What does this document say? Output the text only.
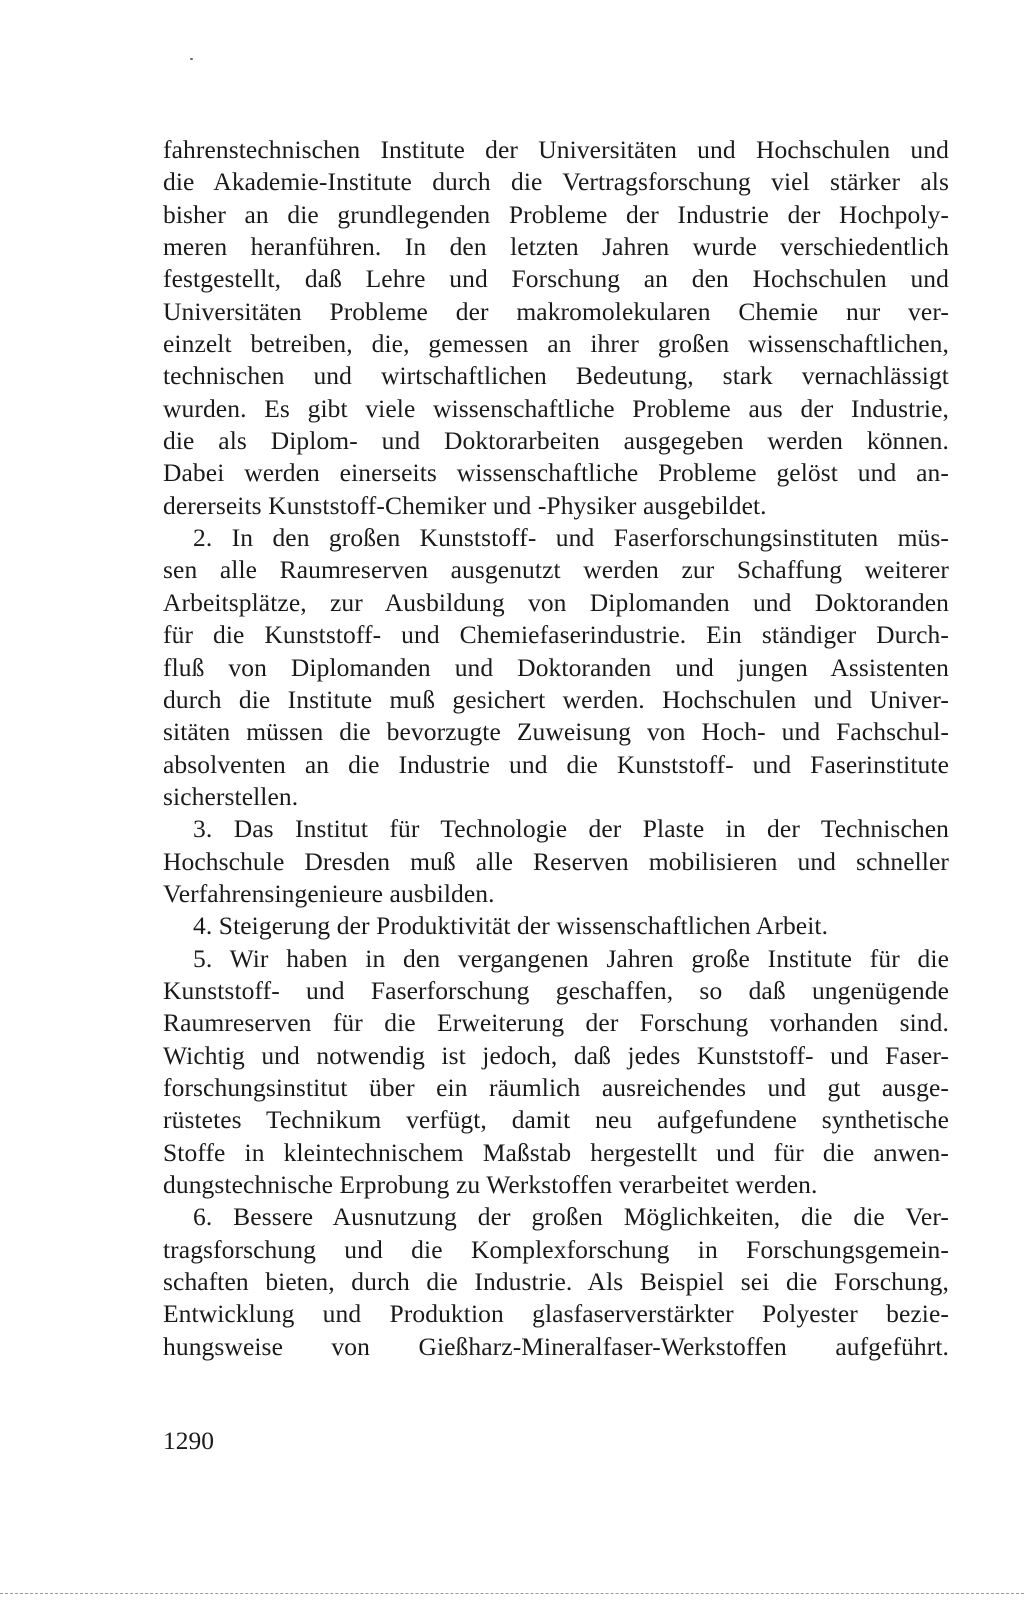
fahrenstechnischen Institute der Universitäten und Hochschulen und
die Akademie-Institute durch die Vertragsforschung viel stärker als
bisher an die grundlegenden Probleme der Industrie der Hochpoly-
meren heranführen. In den letzten Jahren wurde verschiedentlich
festgestellt, daß Lehre und Forschung an den Hochschulen und
Universitäten Probleme der makromolekularen Chemie nur ver-
einzelt betreiben, die, gemessen an ihrer großen wissenschaftlichen,
technischen und wirtschaftlichen Bedeutung, stark vernachlässigt
wurden. Es gibt viele wissenschaftliche Probleme aus der Industrie,
die als Diplom- und Doktorarbeiten ausgegeben werden können.
Dabei werden einerseits wissenschaftliche Probleme gelöst und an-
dererseits Kunststoff-Chemiker und -Physiker ausgebildet.
2. In den großen Kunststoff- und Faserforschungsinstituten müs-
sen alle Raumreserven ausgenutzt werden zur Schaffung weiterer
Arbeitsplätze, zur Ausbildung von Diplomanden und Doktoranden
für die Kunststoff- und Chemiefaserindustrie. Ein ständiger Durch-
fluß von Diplomanden und Doktoranden und jungen Assistenten
durch die Institute muß gesichert werden. Hochschulen und Univer-
sitäten müssen die bevorzugte Zuweisung von Hoch- und Fachschul-
absolventen an die Industrie und die Kunststoff- und Faserinstitute
sicherstellen.
3. Das Institut für Technologie der Plaste in der Technischen
Hochschule Dresden muß alle Reserven mobilisieren und schneller
Verfahrensingenieure ausbilden.
4. Steigerung der Produktivität der wissenschaftlichen Arbeit.
5. Wir haben in den vergangenen Jahren große Institute für die
Kunststoff- und Faserforschung geschaffen, so daß ungenügende
Raumreserven für die Erweiterung der Forschung vorhanden sind.
Wichtig und notwendig ist jedoch, daß jedes Kunststoff- und Faser-
forschungsinstitut über ein räumlich ausreichendes und gut ausge-
rüstetes Technikum verfügt, damit neu aufgefundene synthetische
Stoffe in kleintechnischem Maßstab hergestellt und für die anwen-
dungstechnische Erprobung zu Werkstoffen verarbeitet werden.
6. Bessere Ausnutzung der großen Möglichkeiten, die die Ver-
tragsforschung und die Komplexforschung in Forschungsgemein-
schaften bieten, durch die Industrie. Als Beispiel sei die Forschung,
Entwicklung und Produktion glasfaserverstärkter Polyester bezie-
hungsweise von Gießharz-Mineralfaser-Werkstoffen aufgeführt.
1290
